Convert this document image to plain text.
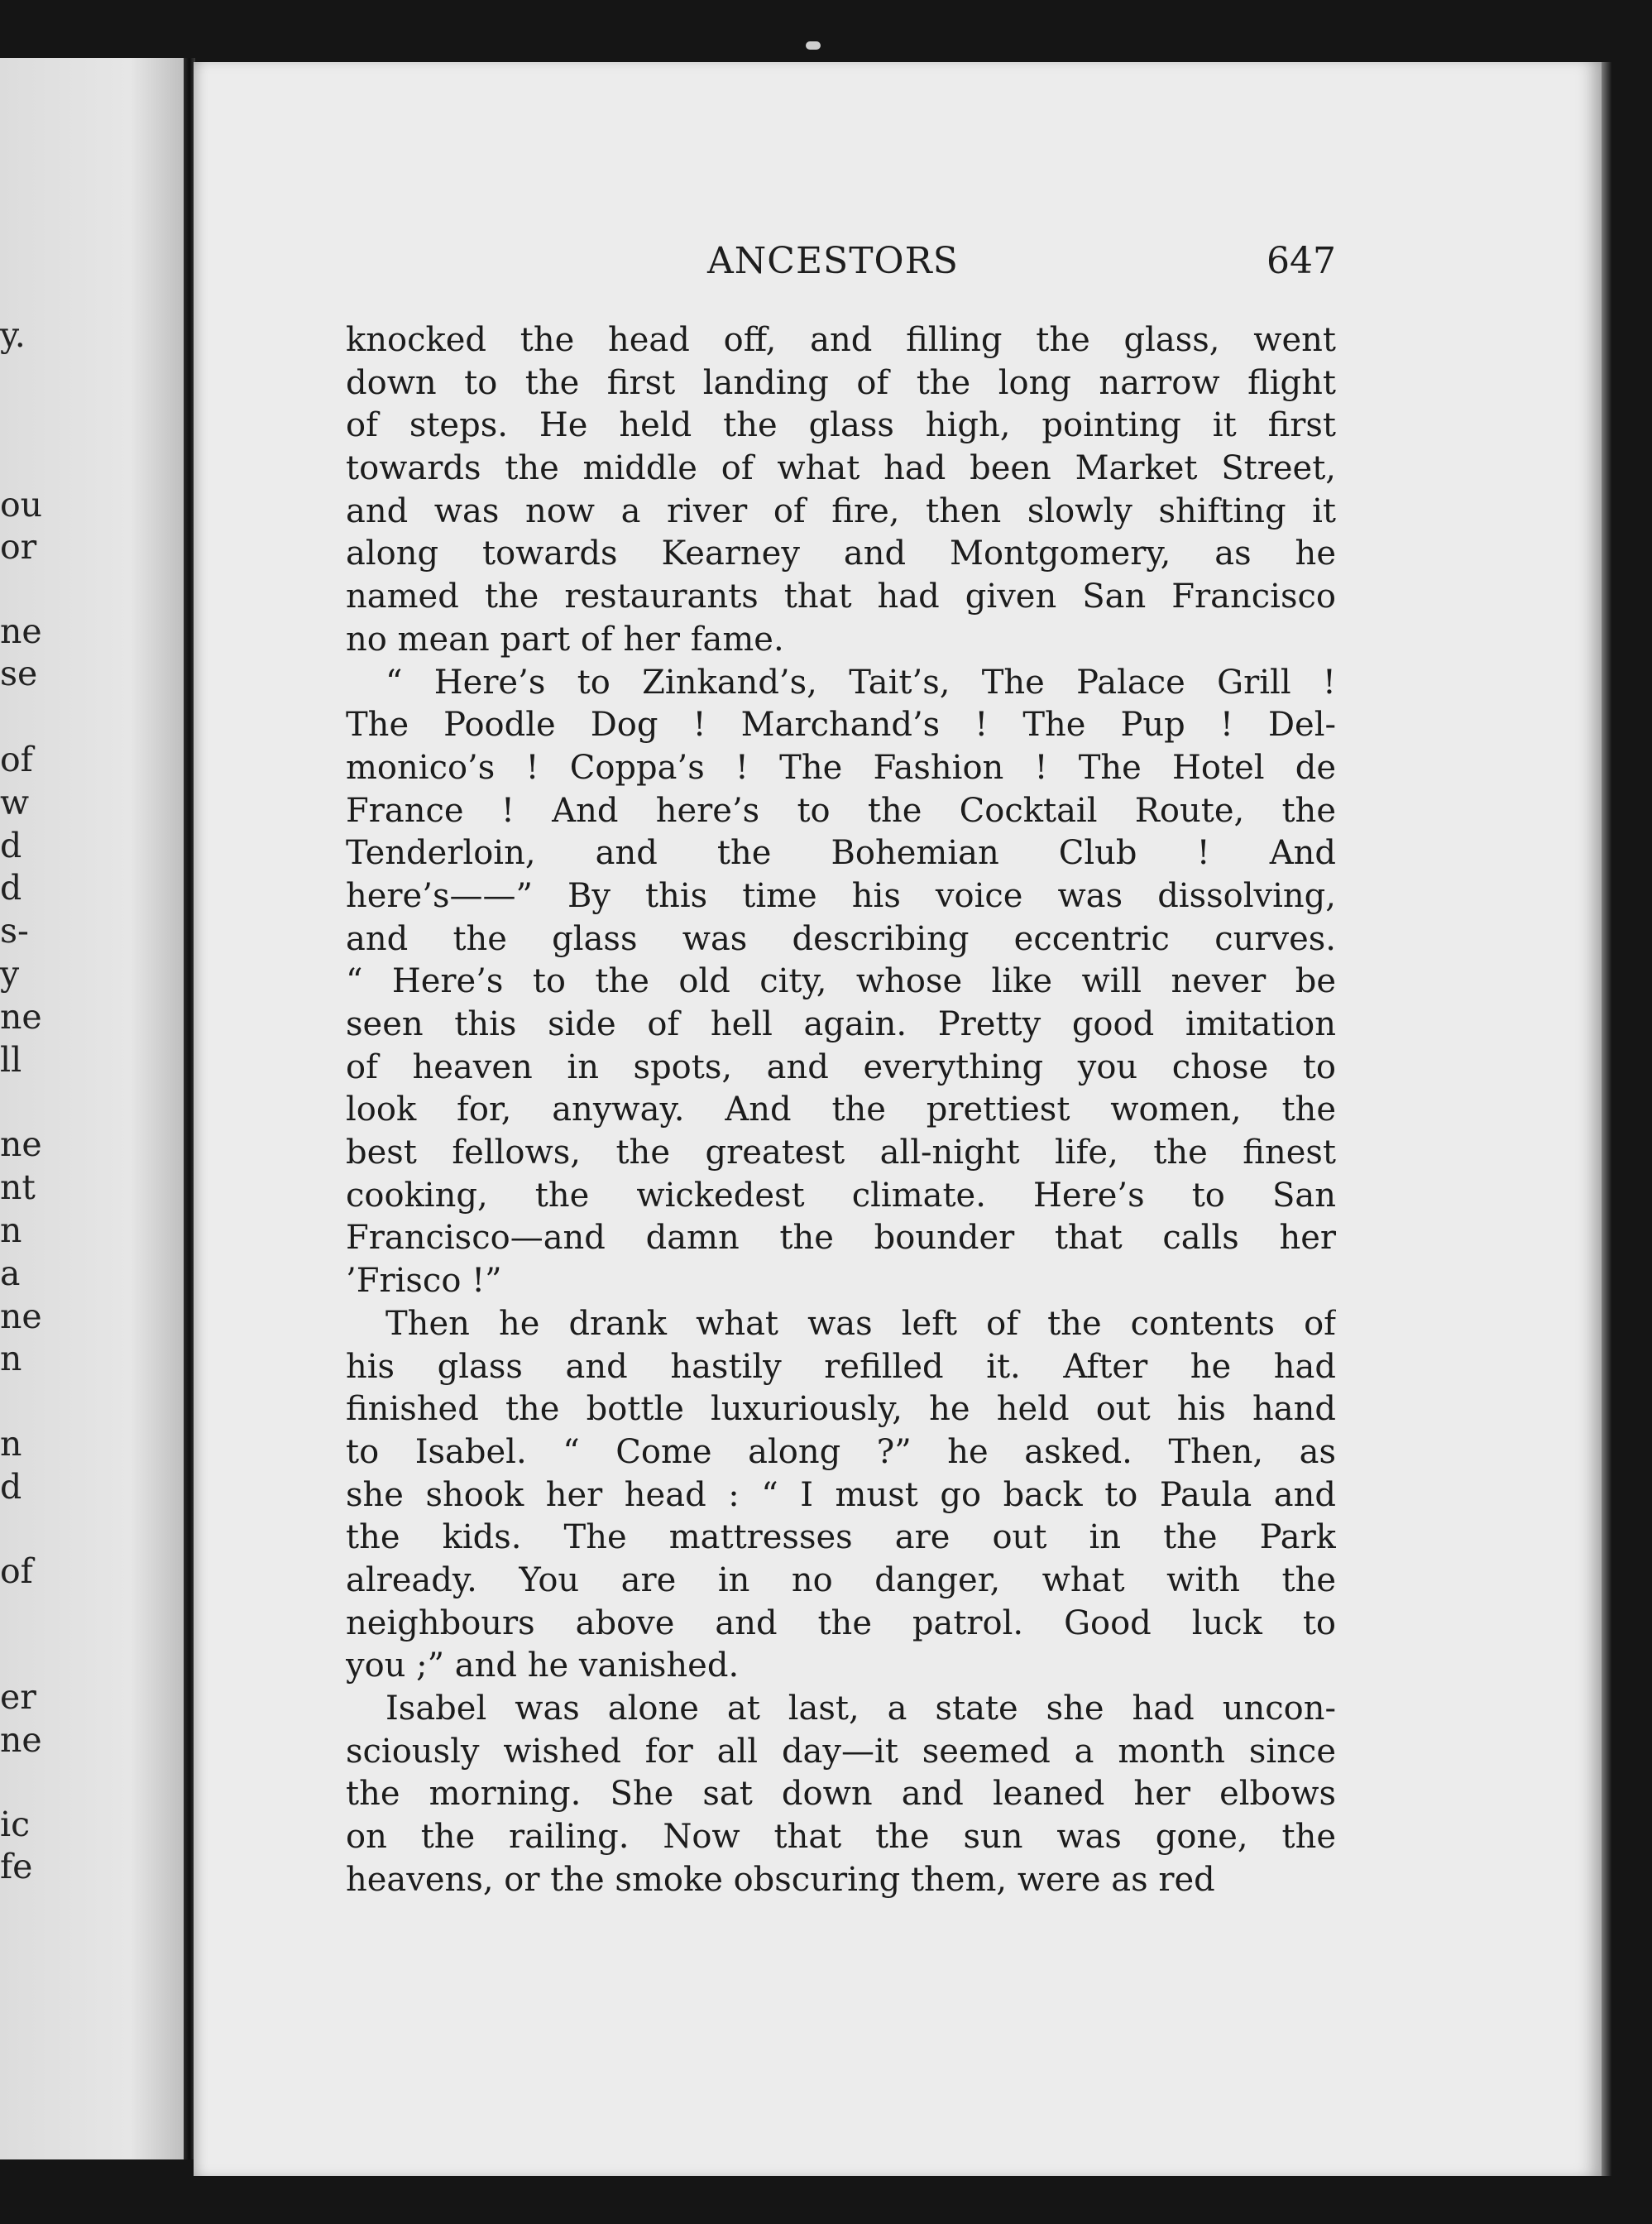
y.
ou
or
ne
se
of
w
d
d
s-
y
ne
ll
ne
nt
n
a
ne
n
n
d
of
er
ne
ic
fe
ANCESTORS	647
knocked the head off, and filling the glass, went
down to the first landing of the long narrow flight
of steps. He held the glass high, pointing it first
towards the middle of what had been Market Street,
and was now a river of fire, then slowly shifting it
along towards Kearney and Montgomery, as he
named the restaurants that had given San Francisco
no mean part of her fame.
“ Here’s to Zinkand’s, Tait’s, The Palace Grill !
The Poodle Dog ! Marchand’s ! The Pup ! Del-
monico’s ! Coppa’s ! The Fashion ! The Hotel de
France ! And here’s to the Cocktail Route, the
Tenderloin, and the Bohemian Club ! And
here’s——” By this time his voice was dissolving,
and the glass was describing eccentric curves.
“ Here’s to the old city, whose like will never be
seen this side of hell again. Pretty good imitation
of heaven in spots, and everything you chose to
look for, anyway. And the prettiest women, the
best fellows, the greatest all-night life, the finest
cooking, the wickedest climate. Here’s to San
Francisco—and damn the bounder that calls her
’Frisco !”
Then he drank what was left of the contents of
his glass and hastily refilled it. After he had
finished the bottle luxuriously, he held out his hand
to Isabel. “ Come along ?” he asked. Then, as
she shook her head : “ I must go back to Paula and
the kids. The mattresses are out in the Park
already. You are in no danger, what with the
neighbours above and the patrol. Good luck to
you ;” and he vanished.
Isabel was alone at last, a state she had uncon-
sciously wished for all day—it seemed a month since
the morning. She sat down and leaned her elbows
on the railing. Now that the sun was gone, the
heavens, or the smoke obscuring them, were as red
